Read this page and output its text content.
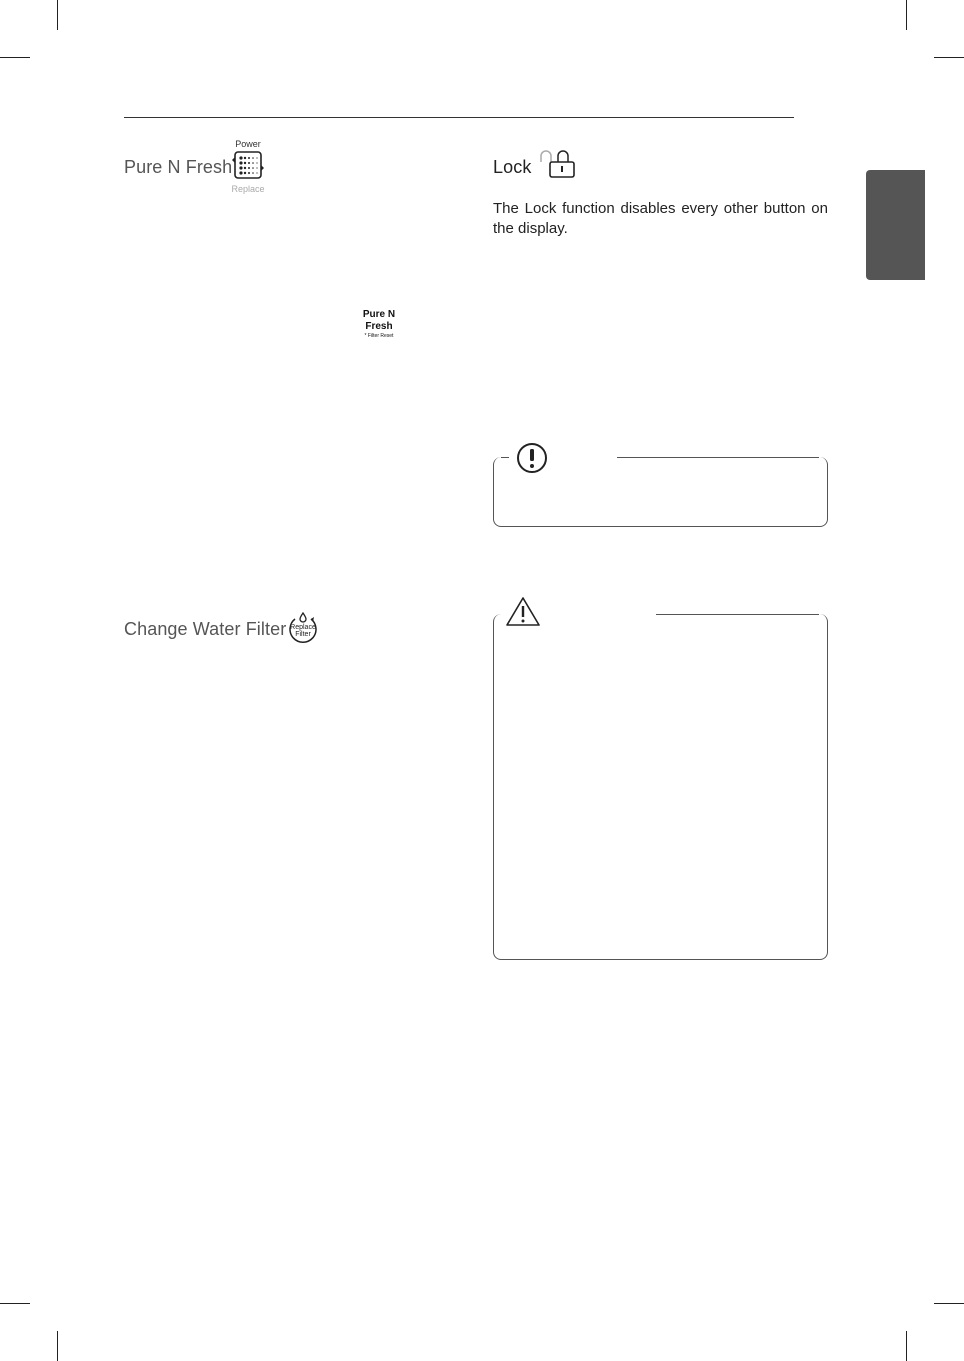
Pure N Fresh
Power
Replace
Pure N
Fresh
* Filter Reset
Change Water Filter Replace
Filter
Lock
The Lock function disables every other button on the display.
